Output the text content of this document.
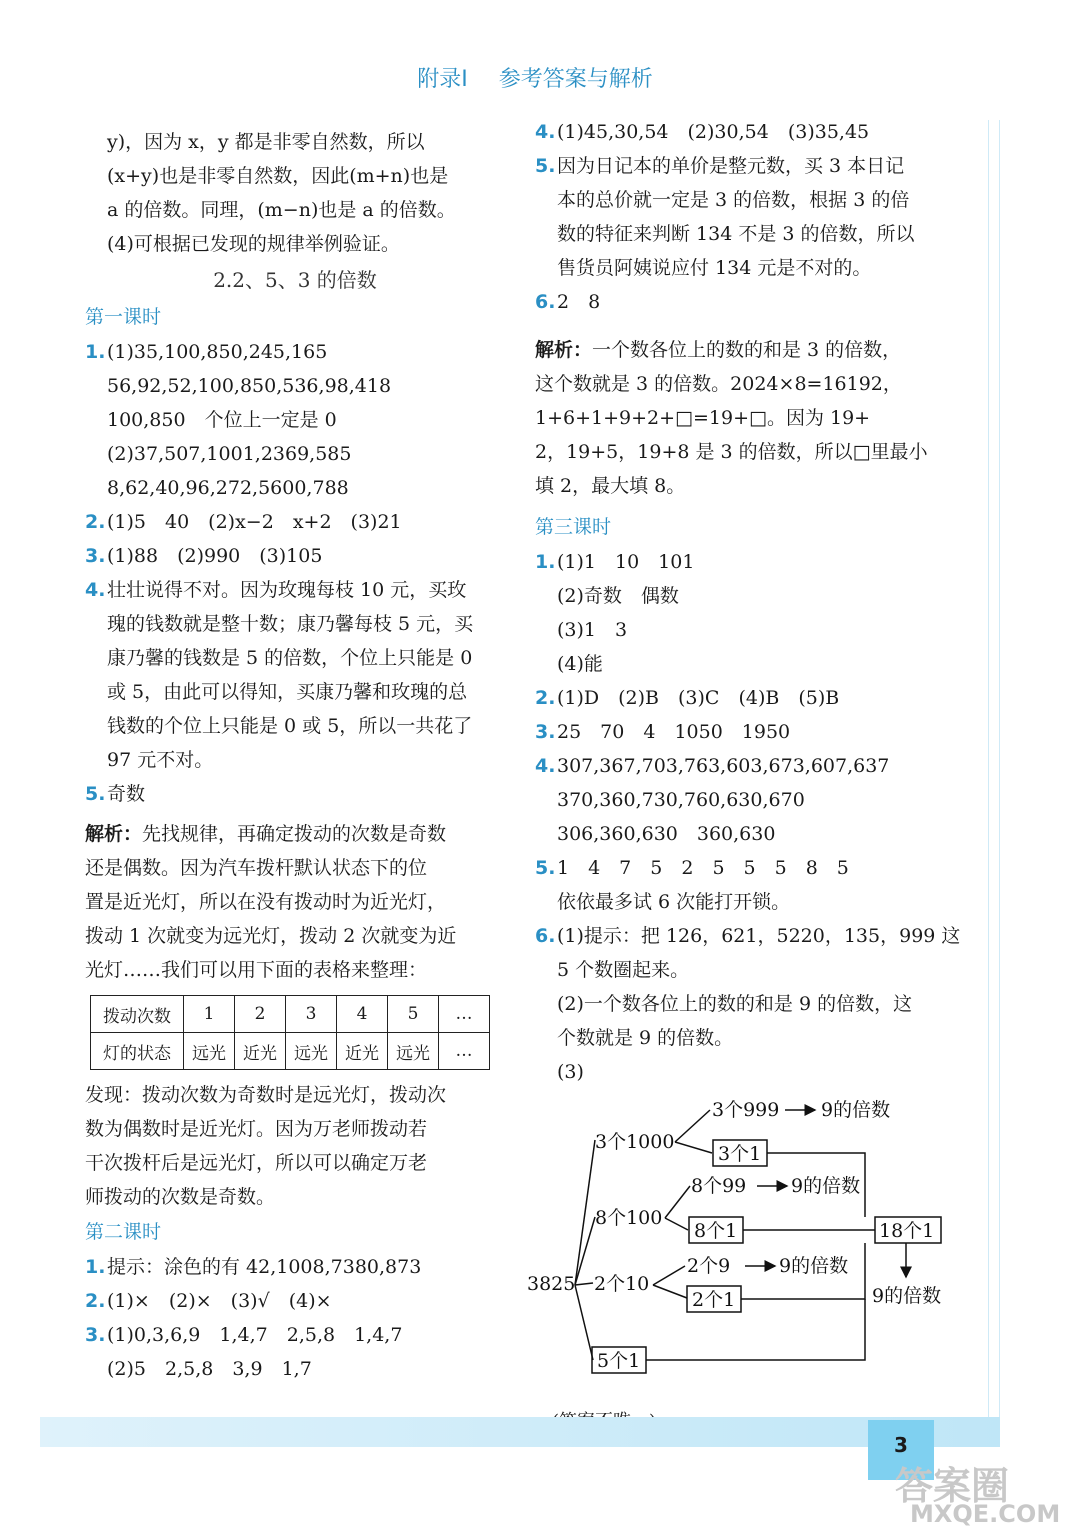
附录Ⅰ 参考答案与解析
y)，因为 x，y 都是非零自然数，所以
(x+y)也是非零自然数，因此(m+n)也是
a 的倍数。同理，(m−n)也是 a 的倍数。
(4)可根据已发现的规律举例验证。
2.2、5、3 的倍数
第一课时
1.(1)35,100,850,245,165
56,92,52,100,850,536,98,418
100,850　个位上一定是 0
(2)37,507,1001,2369,585
8,62,40,96,272,5600,788
2.(1)5　40　(2)x−2　x+2　(3)21
3.(1)88　(2)990　(3)105
4.壮壮说得不对。因为玫瑰每枝 10 元，买玫
瑰的钱数就是整十数；康乃馨每枝 5 元，买
康乃馨的钱数是 5 的倍数，个位上只能是 0
或 5，由此可以得知，买康乃馨和玫瑰的总
钱数的个位上只能是 0 或 5，所以一共花了
97 元不对。
5.奇数
解析：先找规律，再确定拨动的次数是奇数
还是偶数。因为汽车拨杆默认状态下的位
置是近光灯，所以在没有拨动时为近光灯，
拨动 1 次就变为远光灯，拨动 2 次就变为近
光灯……我们可以用下面的表格来整理：
拨动次数	1	2	3	4	5	…
灯的状态	远光	近光	远光	近光	远光	…
发现：拨动次数为奇数时是远光灯，拨动次
数为偶数时是近光灯。因为万老师拨动若
干次拨杆后是远光灯，所以可以确定万老
师拨动的次数是奇数。
第二课时
1.提示：涂色的有 42,1008,7380,873
2.(1)×　(2)×　(3)√　(4)×
3.(1)0,3,6,9　1,4,7　2,5,8　1,4,7
(2)5　2,5,8　3,9　1,7
4.(1)45,30,54　(2)30,54　(3)35,45
5.因为日记本的单价是整元数，买 3 本日记
本的总价就一定是 3 的倍数，根据 3 的倍
数的特征来判断 134 不是 3 的倍数，所以
售货员阿姨说应付 134 元是不对的。
6.2　8
解析：一个数各位上的数的和是 3 的倍数，
这个数就是 3 的倍数。2024×8=16192，
1+6+1+9+2+□=19+□。因为 19+
2，19+5，19+8 是 3 的倍数，所以□里最小
填 2，最大填 8。
第三课时
1.(1)1　10　101
(2)奇数　偶数
(3)1　3
(4)能
2.(1)D　(2)B　(3)C　(4)B　(5)B
3.25　70　4　1050　1950
4.307,367,703,763,603,673,607,637
370,360,730,760,630,670
306,360,630　360,630
5.1　4　7　5　2　5　5　5　8　5
依依最多试 6 次能打开锁。
6.(1)提示：把 126，621，5220，135，999 这
5 个数圈起来。
(2)一个数各位上的数的和是 9 的倍数，这
个数就是 9 的倍数。
(3)
3825
3个1000
3个999 9的倍数
3个1
8个100
8个99 9的倍数
8个1
2个10
2个9	9的倍数
2个1
5个1
18个1
9的倍数
3
答案圈
MXQE.COM
